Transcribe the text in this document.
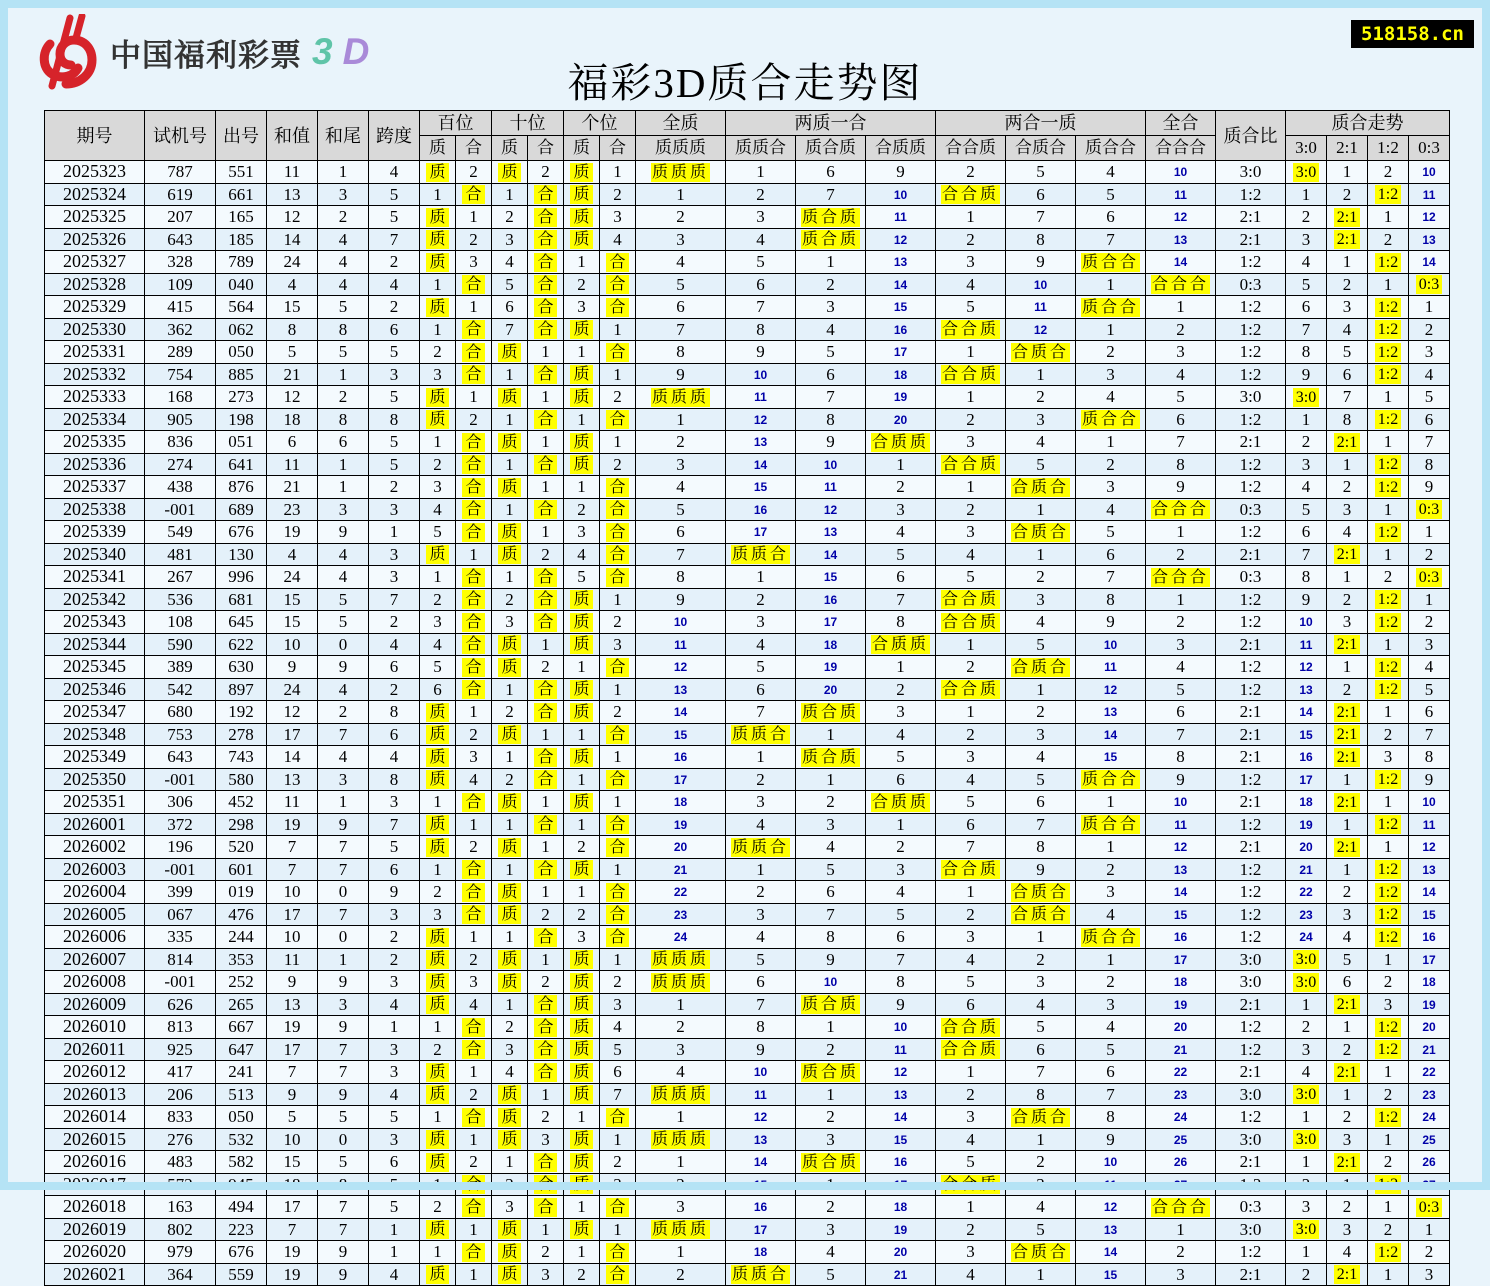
中国福利彩票 3 D
福彩3D质合走势图
518158.cn
期号	试机号	出号	和值	和尾	跨度	百位		十位		个位		全质	两质一合			两合一质			全合	质合比	质合走势			
						质	合	质	合	质	合	质质质	质质合	质合质	合质质	合合质	合质合	质合合	合合合		3:0	2:1	1:2	0:3
2025323	787	551	11	1	4	质	2	质	2	质	1	质质质	1	6	9	2	5	4	10	3:0	3:0	1	2	10
2025324	619	661	13	3	5	1	合	1	合	质	2	1	2	7	10	合合质	6	5	11	1:2	1	2	1:2	11
2025325	207	165	12	2	5	质	1	2	合	质	3	2	3	质合质	11	1	7	6	12	2:1	2	2:1	1	12
2025326	643	185	14	4	7	质	2	3	合	质	4	3	4	质合质	12	2	8	7	13	2:1	3	2:1	2	13
2025327	328	789	24	4	2	质	3	4	合	1	合	4	5	1	13	3	9	质合合	14	1:2	4	1	1:2	14
2025328	109	040	4	4	4	1	合	5	合	2	合	5	6	2	14	4	10	1	合合合	0:3	5	2	1	0:3
2025329	415	564	15	5	2	质	1	6	合	3	合	6	7	3	15	5	11	质合合	1	1:2	6	3	1:2	1
2025330	362	062	8	8	6	1	合	7	合	质	1	7	8	4	16	合合质	12	1	2	1:2	7	4	1:2	2
2025331	289	050	5	5	5	2	合	质	1	1	合	8	9	5	17	1	合质合	2	3	1:2	8	5	1:2	3
2025332	754	885	21	1	3	3	合	1	合	质	1	9	10	6	18	合合质	1	3	4	1:2	9	6	1:2	4
2025333	168	273	12	2	5	质	1	质	1	质	2	质质质	11	7	19	1	2	4	5	3:0	3:0	7	1	5
2025334	905	198	18	8	8	质	2	1	合	1	合	1	12	8	20	2	3	质合合	6	1:2	1	8	1:2	6
2025335	836	051	6	6	5	1	合	质	1	质	1	2	13	9	合质质	3	4	1	7	2:1	2	2:1	1	7
2025336	274	641	11	1	5	2	合	1	合	质	2	3	14	10	1	合合质	5	2	8	1:2	3	1	1:2	8
2025337	438	876	21	1	2	3	合	质	1	1	合	4	15	11	2	1	合质合	3	9	1:2	4	2	1:2	9
2025338	-001	689	23	3	3	4	合	1	合	2	合	5	16	12	3	2	1	4	合合合	0:3	5	3	1	0:3
2025339	549	676	19	9	1	5	合	质	1	3	合	6	17	13	4	3	合质合	5	1	1:2	6	4	1:2	1
2025340	481	130	4	4	3	质	1	质	2	4	合	7	质质合	14	5	4	1	6	2	2:1	7	2:1	1	2
2025341	267	996	24	4	3	1	合	1	合	5	合	8	1	15	6	5	2	7	合合合	0:3	8	1	2	0:3
2025342	536	681	15	5	7	2	合	2	合	质	1	9	2	16	7	合合质	3	8	1	1:2	9	2	1:2	1
2025343	108	645	15	5	2	3	合	3	合	质	2	10	3	17	8	合合质	4	9	2	1:2	10	3	1:2	2
2025344	590	622	10	0	4	4	合	质	1	质	3	11	4	18	合质质	1	5	10	3	2:1	11	2:1	1	3
2025345	389	630	9	9	6	5	合	质	2	1	合	12	5	19	1	2	合质合	11	4	1:2	12	1	1:2	4
2025346	542	897	24	4	2	6	合	1	合	质	1	13	6	20	2	合合质	1	12	5	1:2	13	2	1:2	5
2025347	680	192	12	2	8	质	1	2	合	质	2	14	7	质合质	3	1	2	13	6	2:1	14	2:1	1	6
2025348	753	278	17	7	6	质	2	质	1	1	合	15	质质合	1	4	2	3	14	7	2:1	15	2:1	2	7
2025349	643	743	14	4	4	质	3	1	合	质	1	16	1	质合质	5	3	4	15	8	2:1	16	2:1	3	8
2025350	-001	580	13	3	8	质	4	2	合	1	合	17	2	1	6	4	5	质合合	9	1:2	17	1	1:2	9
2025351	306	452	11	1	3	1	合	质	1	质	1	18	3	2	合质质	5	6	1	10	2:1	18	2:1	1	10
2026001	372	298	19	9	7	质	1	1	合	1	合	19	4	3	1	6	7	质合合	11	1:2	19	1	1:2	11
2026002	196	520	7	7	5	质	2	质	1	2	合	20	质质合	4	2	7	8	1	12	2:1	20	2:1	1	12
2026003	-001	601	7	7	6	1	合	1	合	质	1	21	1	5	3	合合质	9	2	13	1:2	21	1	1:2	13
2026004	399	019	10	0	9	2	合	质	1	1	合	22	2	6	4	1	合质合	3	14	1:2	22	2	1:2	14
2026005	067	476	17	7	3	3	合	质	2	2	合	23	3	7	5	2	合质合	4	15	1:2	23	3	1:2	15
2026006	335	244	10	0	2	质	1	1	合	3	合	24	4	8	6	3	1	质合合	16	1:2	24	4	1:2	16
2026007	814	353	11	1	2	质	2	质	1	质	1	质质质	5	9	7	4	2	1	17	3:0	3:0	5	1	17
2026008	-001	252	9	9	3	质	3	质	2	质	2	质质质	6	10	8	5	3	2	18	3:0	3:0	6	2	18
2026009	626	265	13	3	4	质	4	1	合	质	3	1	7	质合质	9	6	4	3	19	2:1	1	2:1	3	19
2026010	813	667	19	9	1	1	合	2	合	质	4	2	8	1	10	合合质	5	4	20	1:2	2	1	1:2	20
2026011	925	647	17	7	3	2	合	3	合	质	5	3	9	2	11	合合质	6	5	21	1:2	3	2	1:2	21
2026012	417	241	7	7	3	质	1	4	合	质	6	4	10	质合质	12	1	7	6	22	2:1	4	2:1	1	22
2026013	206	513	9	9	4	质	2	质	1	质	7	质质质	11	1	13	2	8	7	23	3:0	3:0	1	2	23
2026014	833	050	5	5	5	1	合	质	2	1	合	1	12	2	14	3	合质合	8	24	1:2	1	2	1:2	24
2026015	276	532	10	0	3	质	1	质	3	质	1	质质质	13	3	15	4	1	9	25	3:0	3:0	3	1	25
2026016	483	582	15	5	6	质	2	1	合	质	2	1	14	质合质	16	5	2	10	26	2:1	1	2:1	2	26
2026017	572	945	18	8	5	1	合	2	合	质	3	2	15	1	17	合合质	3	11	27	1:2	2	1	1:2	27
2026018	163	494	17	7	5	2	合	3	合	1	合	3	16	2	18	1	4	12	合合合	0:3	3	2	1	0:3
2026019	802	223	7	7	1	质	1	质	1	质	1	质质质	17	3	19	2	5	13	1	3:0	3:0	3	2	1
2026020	979	676	19	9	1	1	合	质	2	1	合	1	18	4	20	3	合质合	14	2	1:2	1	4	1:2	2
2026021	364	559	19	9	4	质	1	质	3	2	合	2	质质合	5	21	4	1	15	3	2:1	2	2:1	1	3
